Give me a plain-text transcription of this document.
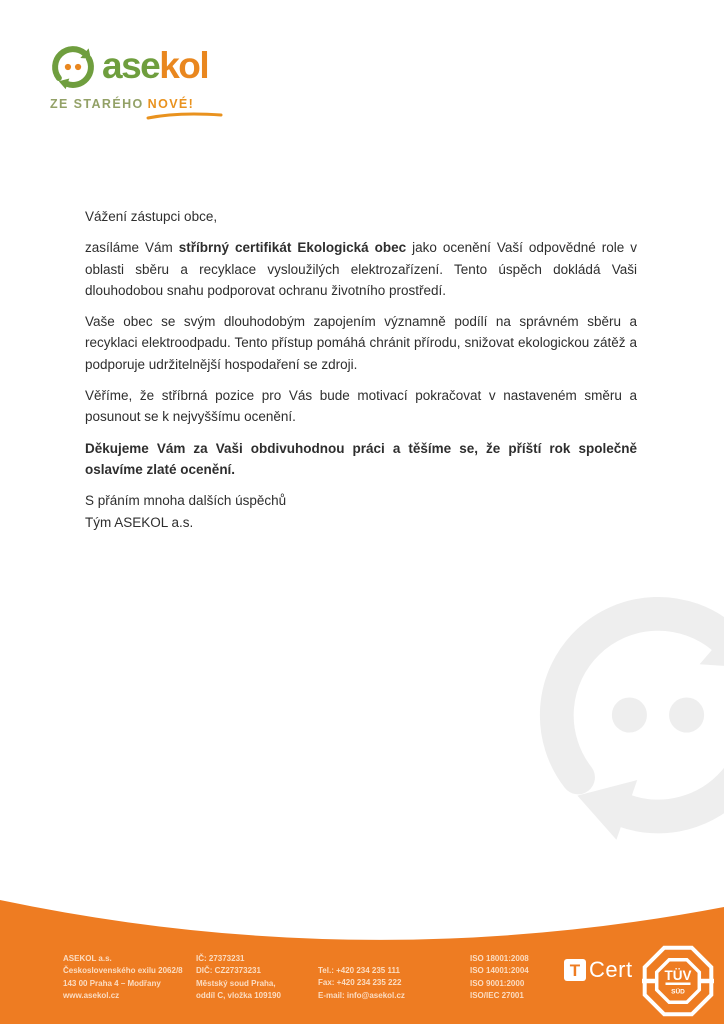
asekol
ZE STARÉHO NOVÉ!

Vážení zástupci obce,

zasíláme Vám stříbrný certifikát Ekologická obec jako ocenění Vaší odpovědné role v oblasti sběru a recyklace vysloužilých elektrozařízení. Tento úspěch dokládá Vaši dlouhodobou snahu podporovat ochranu životního prostředí.

Vaše obec se svým dlouhodobým zapojením významně podílí na správném sběru a recyklaci elektroodpadu. Tento přístup pomáhá chránit přírodu, snižovat ekologickou zátěž a podporuje udržitelnější hospodaření se zdroji.

Věříme, že stříbrná pozice pro Vás bude motivací pokračovat v nastaveném směru a posunout se k nejvyššímu ocenění.

Děkujeme Vám za Vaši obdivuhodnou práci a těšíme se, že příští rok společně oslavíme zlaté ocenění.

S přáním mnoha dalších úspěchů
Tým ASEKOL a.s.

ASEKOL a.s.
Československého exilu 2062/8
143 00 Praha 4 – Modřany
www.asekol.cz
IČ: 27373231
DIČ: CZ27373231
Městský soud Praha,
oddíl C, vložka 109190
Tel.: +420 234 235 111
Fax: +420 234 235 222
E-mail: info@asekol.cz
ISO 18001:2008
ISO 14001:2004
ISO 9001:2000
ISO/IEC 27001
T Cert TÜV
SÜD
